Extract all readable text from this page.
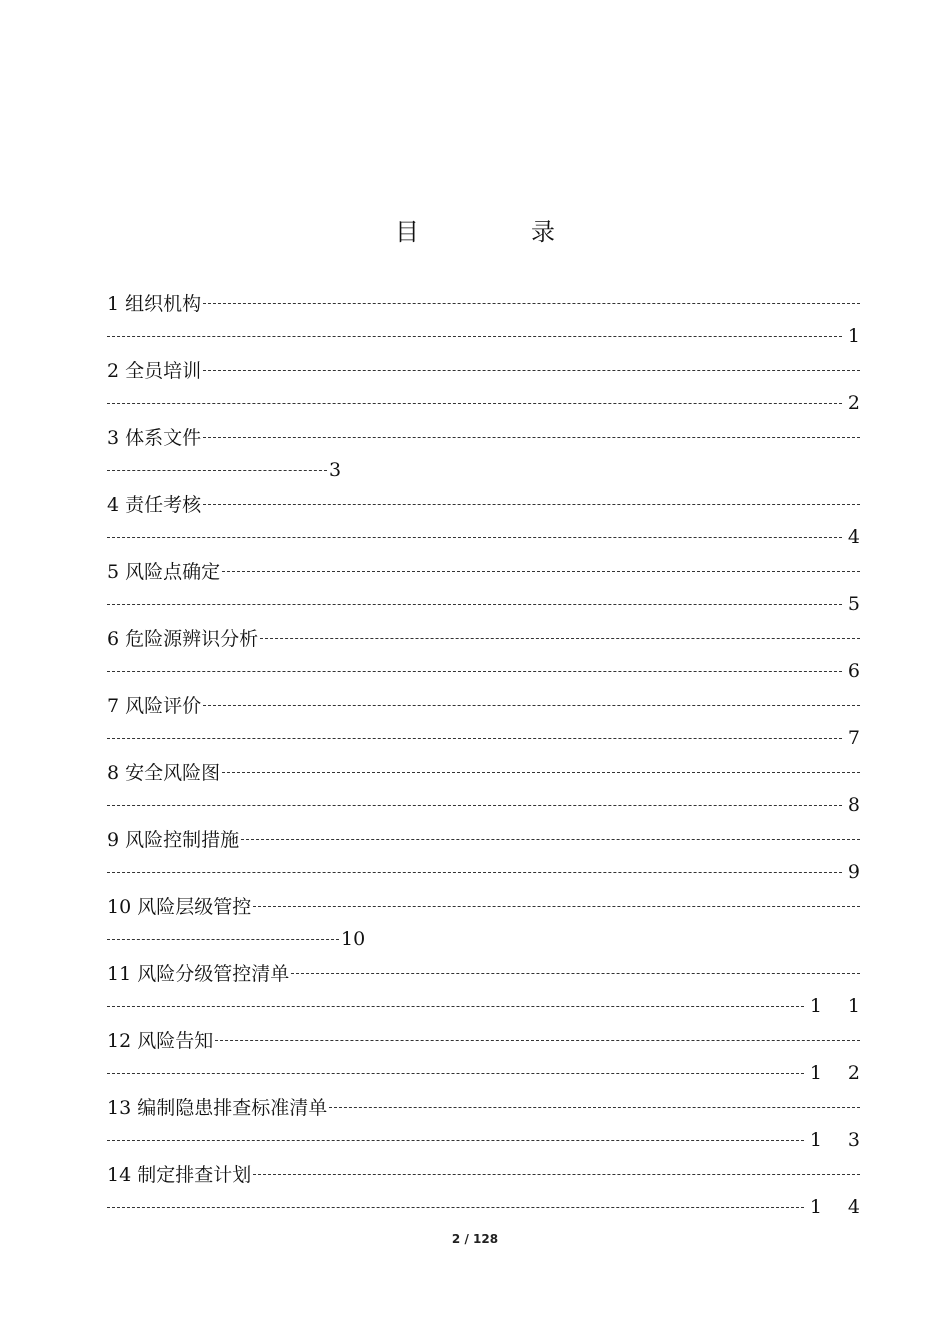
目　录
1 组织机构
1
2 全员培训
2
3 体系文件
3
4 责任考核
4
5 风险点确定
5
6 危险源辨识分析
6
7 风险评价
7
8 安全风险图
8
9 风险控制措施
9
10 风险层级管控
10
11 风险分级管控清单
11
12 风险告知
12
13 编制隐患排查标准清单
13
14 制定排查计划
14
2 / 128
